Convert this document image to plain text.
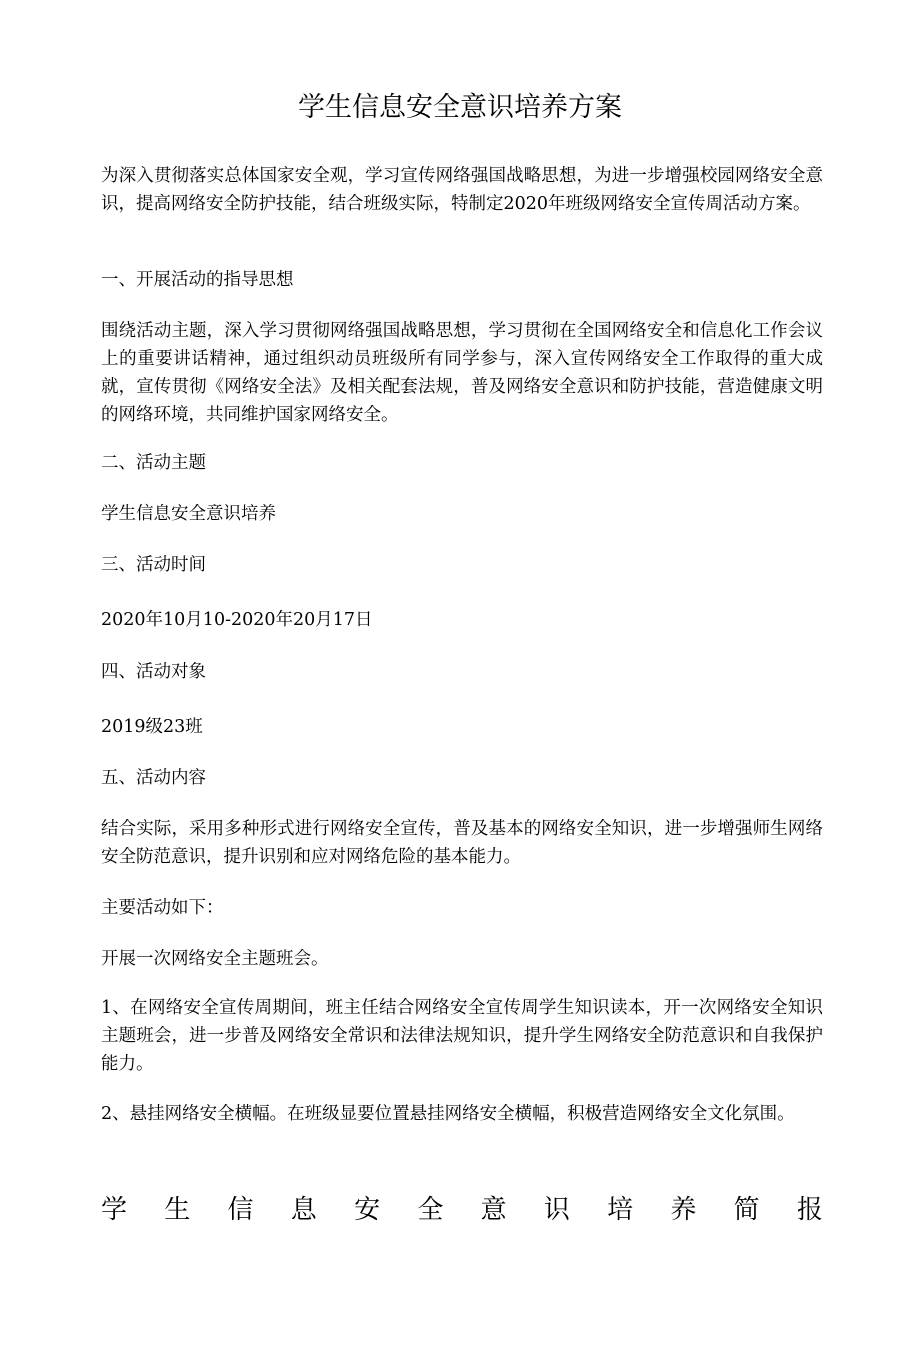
学生信息安全意识培养方案

为深入贯彻落实总体国家安全观，学习宣传网络强国战略思想，为进一步增强校园网络安全意识，提高网络安全防护技能，结合班级实际，特制定2020年班级网络安全宣传周活动方案。

一、开展活动的指导思想

围绕活动主题，深入学习贯彻网络强国战略思想，学习贯彻在全国网络安全和信息化工作会议上的重要讲话精神，通过组织动员班级所有同学参与，深入宣传网络安全工作取得的重大成就，宣传贯彻《网络安全法》及相关配套法规，普及网络安全意识和防护技能，营造健康文明的网络环境，共同维护国家网络安全。

二、活动主题

学生信息安全意识培养

三、活动时间

2020年10月10-2020年20月17日

四、活动对象

2019级23班

五、活动内容

结合实际，采用多种形式进行网络安全宣传，普及基本的网络安全知识，进一步增强师生网络安全防范意识，提升识别和应对网络危险的基本能力。

主要活动如下：

开展一次网络安全主题班会。

1、在网络安全宣传周期间，班主任结合网络安全宣传周学生知识读本，开一次网络安全知识主题班会，进一步普及网络安全常识和法律法规知识，提升学生网络安全防范意识和自我保护能力。

2、悬挂网络安全横幅。在班级显要位置悬挂网络安全横幅，积极营造网络安全文化氛围。

学 生 信 息 安 全 意 识 培 养 简 报
